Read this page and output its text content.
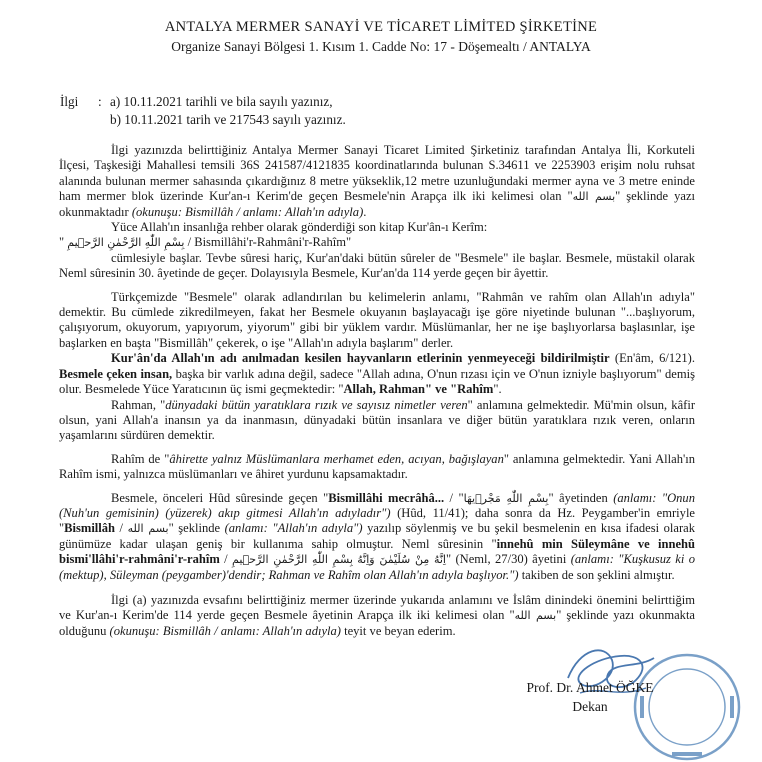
ANTALYA MERMER SANAYİ VE TİCARET LİMİTED ŞİRKETİNE
Organize Sanayi Bölgesi 1. Kısım 1. Cadde No: 17 - Döşemealtı / ANTALYA
İlgi : a) 10.11.2021 tarihli ve bila sayılı yazınız,
b) 10.11.2021 tarih ve 217543 sayılı yazınız.

İlgi yazınızda belirttiğiniz Antalya Mermer Sanayi Ticaret Limited Şirketiniz tarafından Antalya İli, Korkuteli İlçesi, Taşkesiği Mahallesi temsili 36S 241587/4121835 koordinatlarında bulunan S.34611 ve 2253903 erişim nolu ruhsat alanında bulunan mermer sahasında çıkardığınız 8 metre yükseklik,12 metre uzunluğundaki mermer ayna ve 3 metre eninde ham mermer blok üzerinde Kur'an-ı Kerim'de geçen Besmele'nin Arapça ilk iki kelimesi olan "بسم الله" şeklinde yazı okunmaktadır (okunuşu: Bismillâh / anlamı: Allah'ın adıyla).

Yüce Allah'ın insanlığa rehber olarak gönderdiği son kitap Kur'ân-ı Kerîm:
" بِسْمِ اللّٰهِ الرَّحْمٰنِ الرَّح۪يمِ / Bismillâhi'r-Rahmâni'r-Rahîm"

cümlesiyle başlar. Tevbe sûresi hariç, Kur'an'daki bütün sûreler de "Besmele" ile başlar. Besmele, müstakil olarak Neml sûresinin 30. âyetinde de geçer. Dolayısıyla Besmele, Kur'an'da 114 yerde geçen bir âyettir.

Türkçemizde "Besmele" olarak adlandırılan bu kelimelerin anlamı, "Rahmân ve rahîm olan Allah'ın adıyla" demektir. Bu cümlede zikredilmeyen, fakat her Besmele okuyanın başlayacağı işe göre niyetinde bulunan "...başlıyorum, çalışıyorum, okuyorum, yapıyorum, yiyorum" gibi bir yüklem vardır. Müslümanlar, her ne işe başlıyorlarsa başlasınlar, işe başlarken en başta "Bismillâh" çekerek, o işe "Allah'ın adıyla başlarım" derler.

Kur'ân'da Allah'ın adı anılmadan kesilen hayvanların etlerinin yenmeyeceği bildirilmiştir (En'âm, 6/121). Besmele çeken insan, başka bir varlık adına değil, sadece "Allah adına, O'nun rızası için ve O'nun izniyle başlıyorum" demiş olur. Besmelede Yüce Yaratıcının üç ismi geçmektedir: "Allah, Rahman" ve "Rahîm".

Rahman, "dünyadaki bütün yaratıklara rızık ve sayısız nimetler veren" anlamına gelmektedir. Mü'min olsun, kâfir olsun, yani Allah'a inansın ya da inanmasın, dünyadaki bütün insanlara ve diğer bütün yaratıklara rızık veren, onların yaşamlarını sürdüren demektir.

Rahîm de "âhirette yalnız Müslümanlara merhamet eden, acıyan, bağışlayan" anlamına gelmektedir. Yani Allah'ın Rahîm ismi, yalnızca müslümanları ve âhiret yurdunu kapsamaktadır.

Besmele, önceleri Hûd sûresinde geçen "Bismillâhi mecrâhâ... / "بِسْمِ اللّٰهِ مَجْر۪يهَا" âyetinden (anlamı: "Onun (Nuh'un gemisinin) (yüzerek) akıp gitmesi Allah'ın adıyladır") (Hûd, 11/41); daha sonra da Hz. Peygamber'in emriyle "Bismillâh / بسم الله" şeklinde (anlamı: "Allah'ın adıyla") yazılıp söylenmiş ve bu şekil besmelenin en kısa ifadesi olarak günümüze kadar ulaşan geniş bir kullanıma sahip olmuştur. Neml sûresinin "innehû min Süleymâne ve innehû bismi'llâhi'r-rahmâni'r-rahîm / بِسْمِ اللّٰهِ الرَّحْمٰنِ الرَّح۪يمِ اِنَّهُ مِنْ سُلَيْمٰنَ وَاِنَّهُ" (Neml, 27/30) âyetini (anlamı: "Kuşkusuz ki o (mektup), Süleyman (peygamber)'dendir; Rahman ve Rahîm olan Allah'ın adıyla başlıyor.") takiben de son şeklini almıştır.

İlgi (a) yazınızda evsafını belirttiğiniz mermer üzerinde yukarıda anlamını ve İslâm dinindeki önemini belirttiğim ve Kur'an-ı Kerim'de 114 yerde geçen Besmele âyetinin Arapça ilk iki kelimesi olan "بسم الله" şeklinde yazı okunmakta olduğunu (okunuşu: Bismillâh / anlamı: Allah'ın adıyla) teyit ve beyan ederim.

Prof. Dr. Ahmet ÖĞKE
Dekan
